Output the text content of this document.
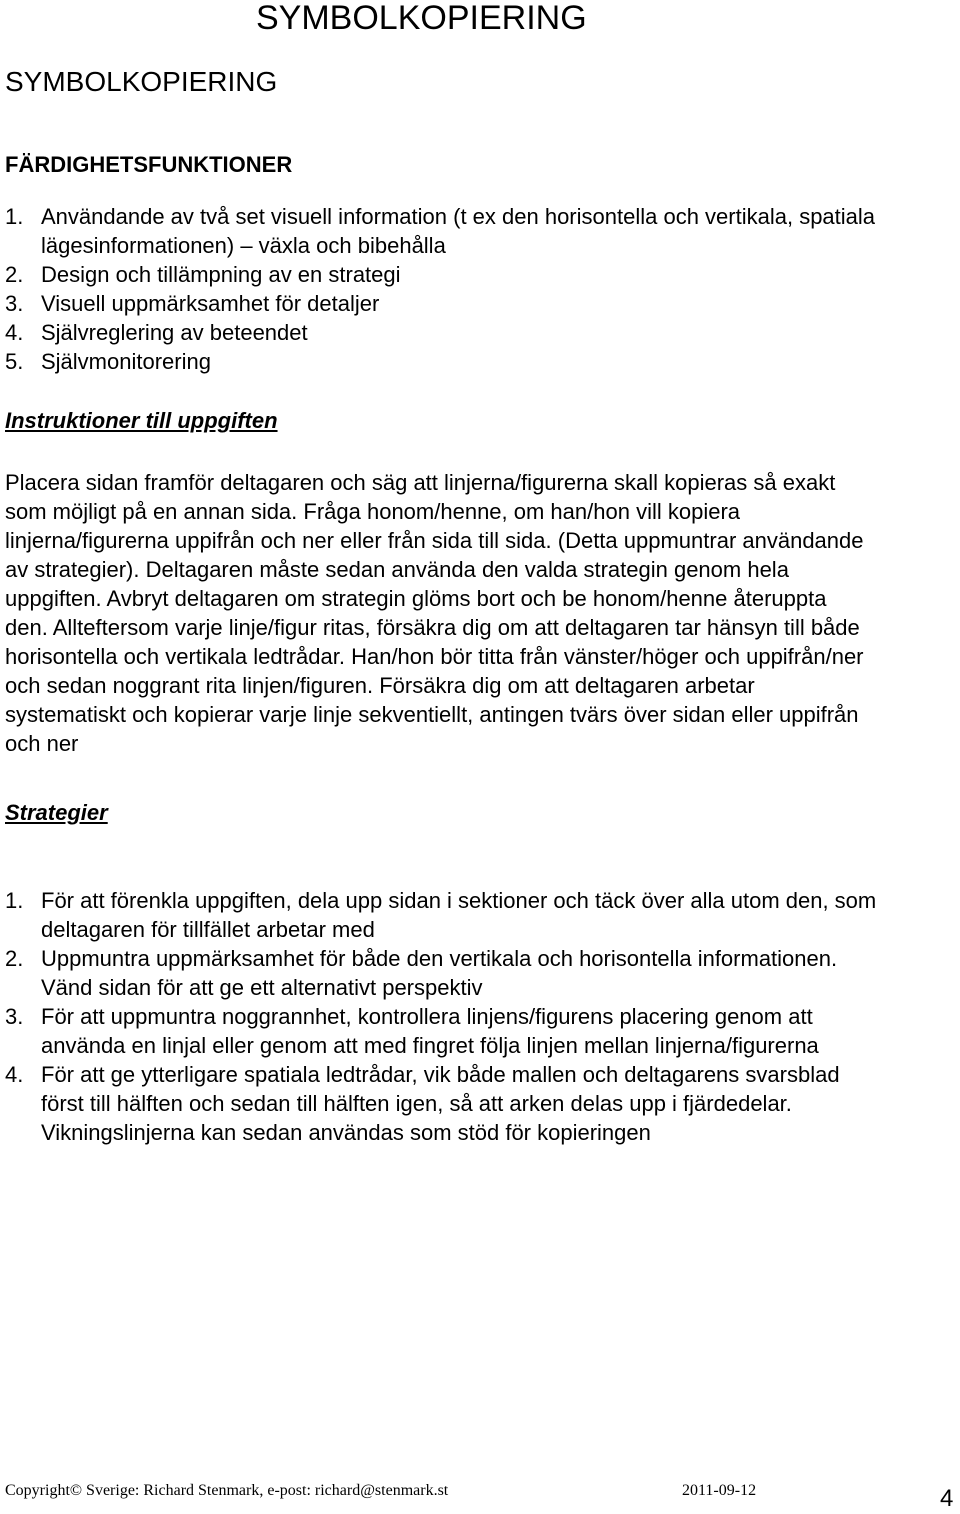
SYMBOLKOPIERING
SYMBOLKOPIERING
FÄRDIGHETSFUNKTIONER
1. Användande av två set visuell information (t ex den horisontella och vertikala, spatiala lägesinformationen) – växla och bibehålla
2. Design och tillämpning av en strategi
3. Visuell uppmärksamhet för detaljer
4. Självreglering av beteendet
5. Självmonitorering
Instruktioner till uppgiften

Placera sidan framför deltagaren och säg att linjerna/figurerna skall kopieras så exakt som möjligt på en annan sida. Fråga honom/henne, om han/hon vill kopiera linjerna/figurerna uppifrån och ner eller från sida till sida. (Detta uppmuntrar användande av strategier). Deltagaren måste sedan använda den valda strategin genom hela uppgiften. Avbryt deltagaren om strategin glöms bort och be honom/henne återuppta den. Allteftersom varje linje/figur ritas, försäkra dig om att deltagaren tar hänsyn till både horisontella och vertikala ledtrådar. Han/hon bör titta från vänster/höger och uppifrån/ner och sedan noggrant rita linjen/figuren. Försäkra dig om att deltagaren arbetar systematiskt och kopierar varje linje sekventiellt, antingen tvärs över sidan eller uppifrån och ner

Strategier
1. För att förenkla uppgiften, dela upp sidan i sektioner och täck över alla utom den, som deltagaren för tillfället arbetar med
2. Uppmuntra uppmärksamhet för både den vertikala och horisontella informationen. Vänd sidan för att ge ett alternativt perspektiv
3. För att uppmuntra noggrannhet, kontrollera linjens/figurens placering genom att använda en linjal eller genom att med fingret följa linjen mellan linjerna/figurerna
4. För att ge ytterligare spatiala ledtrådar, vik både mallen och deltagarens svarsblad först till hälften och sedan till hälften igen, så att arken delas upp i fjärdedelar. Vikningslinjerna kan sedan användas som stöd för kopieringen
Copyright© Sverige: Richard Stenmark, e-post: richard@stenmark.st	2011-09-12	4
